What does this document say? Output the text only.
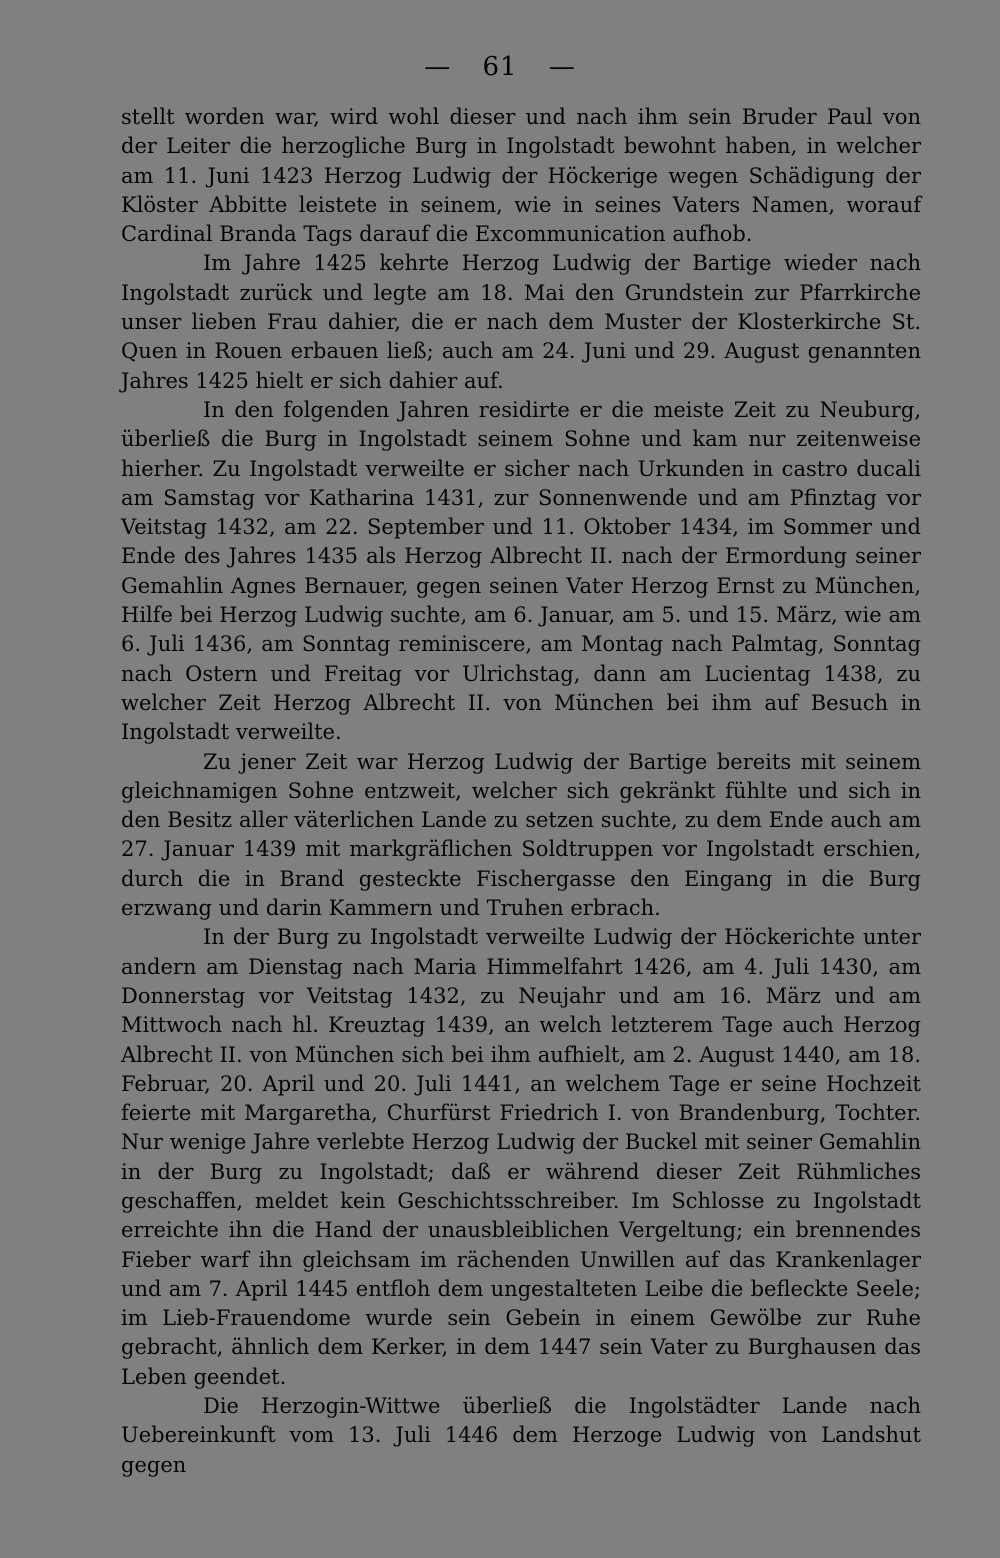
— 61 —

stellt worden war, wird wohl dieser und nach ihm sein Bruder Paul von der Leiter die herzogliche Burg in Ingolstadt bewohnt haben, in welcher am 11. Juni 1423 Herzog Ludwig der Höckerige wegen Schädigung der Klöster Abbitte leistete in seinem, wie in seines Vaters Namen, worauf Cardinal Branda Tags darauf die Excommunication aufhob.

Im Jahre 1425 kehrte Herzog Ludwig der Bartige wieder nach Ingolstadt zurück und legte am 18. Mai den Grundstein zur Pfarrkirche unser lieben Frau dahier, die er nach dem Muster der Klosterkirche St. Quen in Rouen erbauen ließ; auch am 24. Juni und 29. August genannten Jahres 1425 hielt er sich dahier auf.

In den folgenden Jahren residirte er die meiste Zeit zu Neuburg, überließ die Burg in Ingolstadt seinem Sohne und kam nur zeitenweise hierher. Zu Ingolstadt verweilte er sicher nach Urkunden in castro ducali am Samstag vor Katharina 1431, zur Sonnenwende und am Pfinztag vor Veitstag 1432, am 22. September und 11. Oktober 1434, im Sommer und Ende des Jahres 1435 als Herzog Albrecht II. nach der Ermordung seiner Gemahlin Agnes Bernauer, gegen seinen Vater Herzog Ernst zu München, Hilfe bei Herzog Ludwig suchte, am 6. Januar, am 5. und 15. März, wie am 6. Juli 1436, am Sonntag reminiscere, am Montag nach Palmtag, Sonntag nach Ostern und Freitag vor Ulrichstag, dann am Lucientag 1438, zu welcher Zeit Herzog Albrecht II. von München bei ihm auf Besuch in Ingolstadt verweilte.

Zu jener Zeit war Herzog Ludwig der Bartige bereits mit seinem gleichnamigen Sohne entzweit, welcher sich gekränkt fühlte und sich in den Besitz aller väterlichen Lande zu setzen suchte, zu dem Ende auch am 27. Januar 1439 mit markgräflichen Soldtruppen vor Ingolstadt erschien, durch die in Brand gesteckte Fischergasse den Eingang in die Burg erzwang und darin Kammern und Truhen erbrach.

In der Burg zu Ingolstadt verweilte Ludwig der Höckerichte unter andern am Dienstag nach Maria Himmelfahrt 1426, am 4. Juli 1430, am Donnerstag vor Veitstag 1432, zu Neujahr und am 16. März und am Mittwoch nach hl. Kreuztag 1439, an welch letzterem Tage auch Herzog Albrecht II. von München sich bei ihm aufhielt, am 2. August 1440, am 18. Februar, 20. April und 20. Juli 1441, an welchem Tage er seine Hochzeit feierte mit Margaretha, Churfürst Friedrich I. von Brandenburg, Tochter. Nur wenige Jahre verlebte Herzog Ludwig der Buckel mit seiner Gemahlin in der Burg zu Ingolstadt; daß er während dieser Zeit Rühmliches geschaffen, meldet kein Geschichtsschreiber. Im Schlosse zu Ingolstadt erreichte ihn die Hand der unausbleiblichen Vergeltung; ein brennendes Fieber warf ihn gleichsam im rächenden Unwillen auf das Krankenlager und am 7. April 1445 entfloh dem ungestalteten Leibe die befleckte Seele; im Lieb-Frauendome wurde sein Gebein in einem Gewölbe zur Ruhe gebracht, ähnlich dem Kerker, in dem 1447 sein Vater zu Burghausen das Leben geendet.

Die Herzogin-Wittwe überließ die Ingolstädter Lande nach Uebereinkunft vom 13. Juli 1446 dem Herzoge Ludwig von Landshut gegen
